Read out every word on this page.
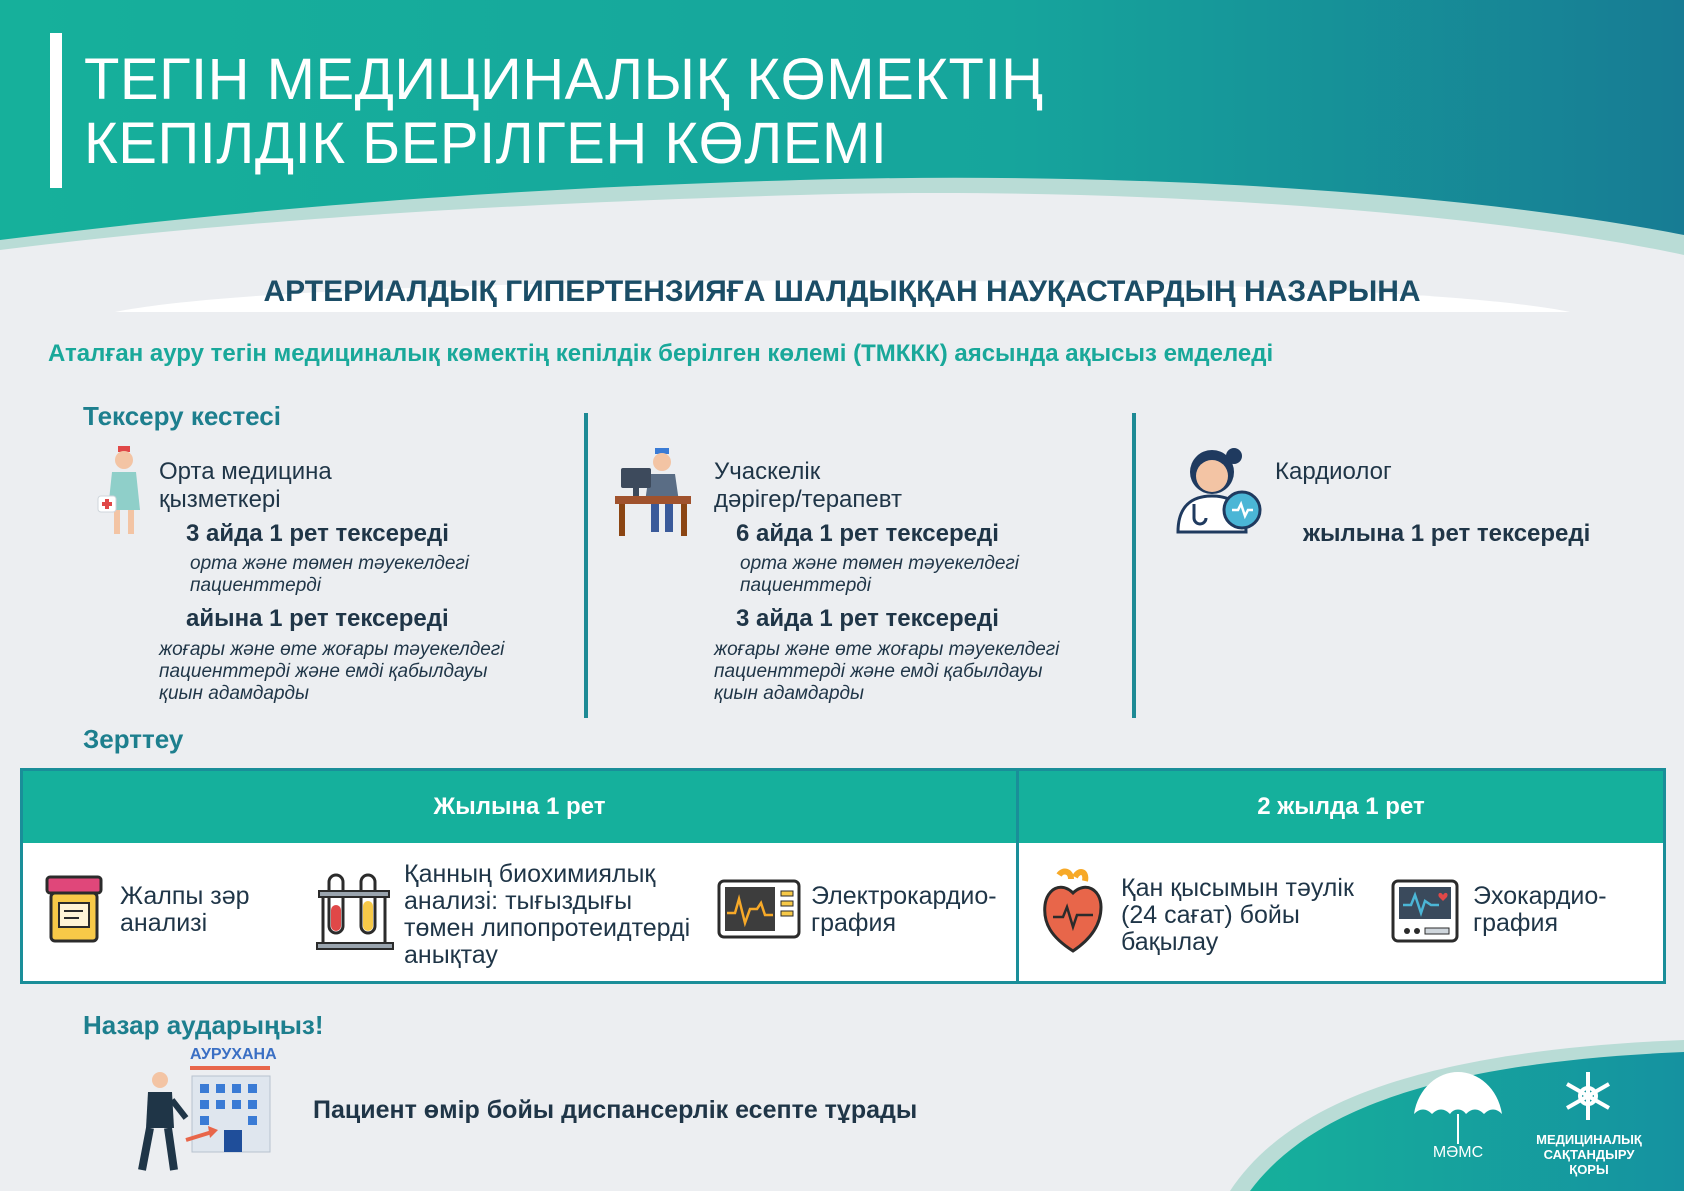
ТЕГІН МЕДИЦИНАЛЫҚ КӨМЕКТІҢ
КЕПІЛДІК БЕРІЛГЕН КӨЛЕМІ
АРТЕРИАЛДЫҚ ГИПЕРТЕНЗИЯҒА ШАЛДЫҚҚАН НАУҚАСТАРДЫҢ НАЗАРЫНА
Аталған ауру тегін медициналық көмектің кепілдік берілген көлемі (ТМККК) аясында ақысыз емделеді
Тексеру кестесі
Орта медицина
қызметкері
3 айда 1 рет тексереді
орта және төмен тәуекелдегі
пациенттерді
айына 1 рет тексереді
жоғары және өте жоғары тәуекелдегі
пациенттерді және емді қабылдауы
қиын адамдарды
Учаскелік
дәрігер/терапевт
6 айда 1 рет тексереді
орта және төмен тәуекелдегі
пациенттерді
3 айда 1 рет тексереді
жоғары және өте жоғары тәуекелдегі
пациенттерді және емді қабылдауы
қиын адамдарды
Кардиолог
жылына 1 рет тексереді
Зерттеу
Жылына 1 рет	2 жылда 1 рет
Жалпы зәр
анализі
Қанның биохимиялық
анализі: тығыздығы
төмен липопротеидтерді
анықтау
Электрокардио-
графия
Қан қысымын тәулік
(24 сағат) бойы
бақылау
Эхокардио-
графия
Назар аударыңыз!
АУРУХАНА
Пациент өмір бойы диспансерлік есепте тұрады
МӘМС
МЕДИЦИНАЛЫҚ
САҚТАНДЫРУ
ҚОРЫ
